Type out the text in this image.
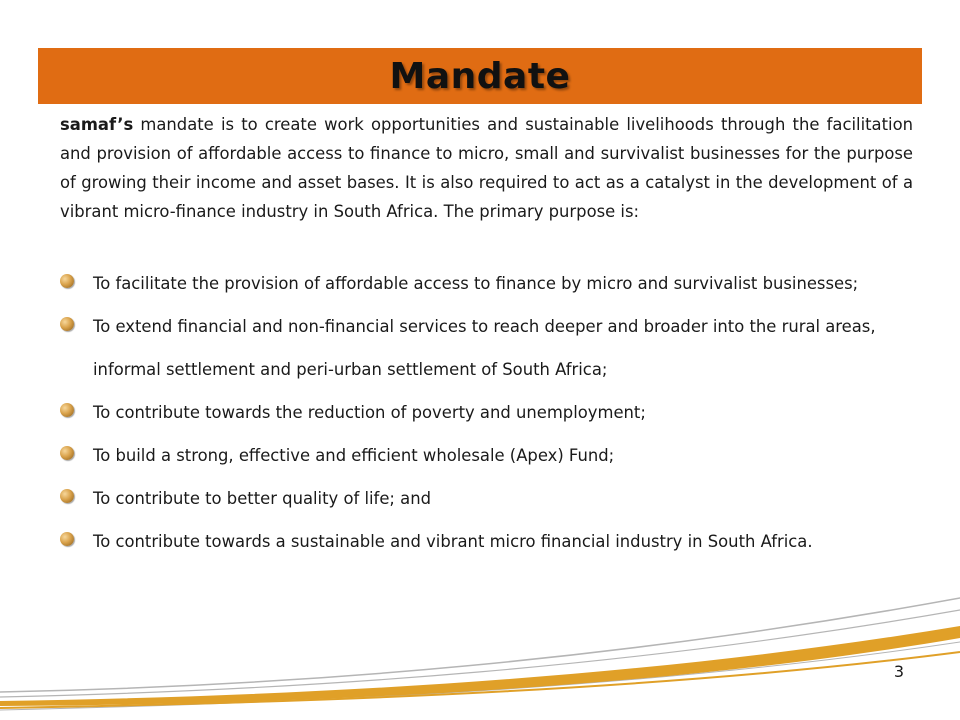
Mandate

samaf’s mandate is to create work opportunities and sustainable livelihoods through the facilitation and provision of affordable access to finance to micro, small and survivalist businesses for the purpose of growing their income and asset bases. It is also required to act as a catalyst in the development of a vibrant micro-finance industry in South Africa. The primary purpose is:

To facilitate the provision of affordable access to finance by micro and survivalist businesses;
To extend financial and non-financial services to reach deeper and broader into the rural areas, informal settlement and peri-urban settlement of South Africa;
To contribute towards the reduction of poverty and unemployment;
To build a strong, effective and efficient wholesale (Apex) Fund;
To contribute to better quality of life; and
To contribute towards a sustainable and vibrant micro financial industry in South Africa.
3
